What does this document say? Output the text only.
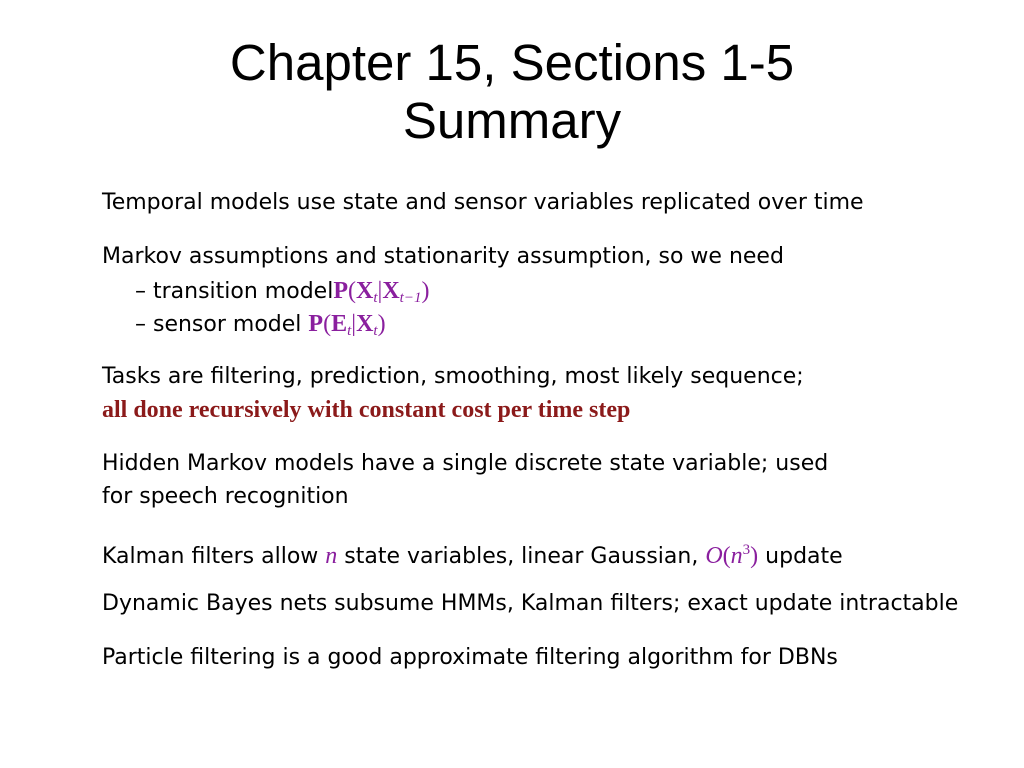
Chapter 15, Sections 1-5
Summary
Temporal models use state and sensor variables replicated over time
Markov assumptions and stationarity assumption, so we need
– transition $modelP(X_t|X_{t-1})$
– sensor model $P(E_t|X_t)$
Tasks are filtering, prediction, smoothing, most likely sequence;
all done recursively with constant cost per time step
Hidden Markov models have a single discrete state variable; used
for speech recognition
Kalman filters allow n state variables, linear Gaussian, $O(n^3)$ update
Dynamic Bayes nets subsume HMMs, Kalman filters; exact update intractable
Particle filtering is a good approximate filtering algorithm for DBNs
